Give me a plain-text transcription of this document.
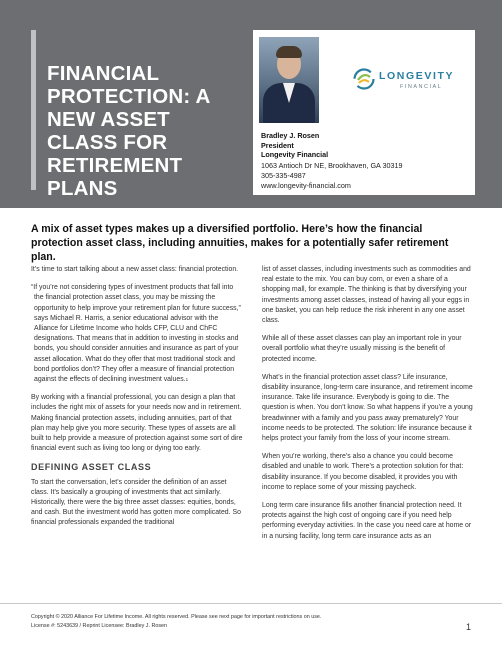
FINANCIAL PROTECTION: A NEW ASSET CLASS FOR RETIREMENT PLANS
LONGEVITY
FINANCIAL
Bradley J. Rosen
President
Longevity Financial
1063 Antioch Dr NE, Brookhaven, GA 30319
305-335-4987
www.longevity-financial.com
A mix of asset types makes up a diversified portfolio. Here’s how the financial protection asset class, including annuities, makes for a potentially safer retirement plan.

It’s time to start talking about a new asset class: financial protection.

“If you’re not considering types of investment products that fall into the financial protection asset class, you may be missing the opportunity to help improve your retirement plan for future success,” says Michael R. Harris, a senior educational advisor with the Alliance for Lifetime Income who holds CFP, CLU and ChFC designations. That means that in addition to investing in stocks and bonds, you should consider annuities and insurance as part of your asset allocation. What do they offer that most traditional stock and bond portfolios don’t? They offer a measure of financial protection against the effects of declining investment values.$^1$

By working with a financial professional, you can design a plan that includes the right mix of assets for your needs now and in retirement. Making financial protection assets, including annuities, part of that plan may help give you more security. These types of assets are all built to help provide a measure of protection against some sort of dire financial event such as living too long or dying too early.

DEFINING ASSET CLASS

To start the conversation, let’s consider the definition of an asset class. It’s basically a grouping of investments that act similarly. Historically, there were the big three asset classes: equities, bonds, and cash. But the investment world has gotten more complicated. So financial professionals expanded the traditional

list of asset classes, including investments such as commodities and real estate to the mix. You can buy corn, or even a share of a shopping mall, for example. The thinking is that by diversifying your investments among asset classes, instead of having all your eggs in one basket, you can help reduce the risk inherent in any one asset class.

While all of these asset classes can play an important role in your overall portfolio what they’re usually missing is the benefit of protected income.

What’s in the financial protection asset class? Life insurance, disability insurance, long-term care insurance, and retirement income insurance. Take life insurance. Everybody is going to die. The question is when. You don’t know. So what happens if you’re a young breadwinner with a family and you pass away prematurely? Your income needs to be protected. The solution: life insurance because it helps protect your family from the loss of your income stream.

When you’re working, there’s also a chance you could become disabled and unable to work. There’s a protection solution for that: disability insurance. If you become disabled, it provides you with income to replace some of your missing paycheck.

Long term care insurance fills another financial protection need. It protects against the high cost of ongoing care if you need help performing everyday activities. In the case you need care at home or in a nursing facility, long term care insurance acts as an

Copyright © 2020 Alliance For Lifetime Income. All rights reserved. Please see next page for important restrictions on use.
License #: 5243639 / Reprint Licensee: Bradley J. Rosen	1
